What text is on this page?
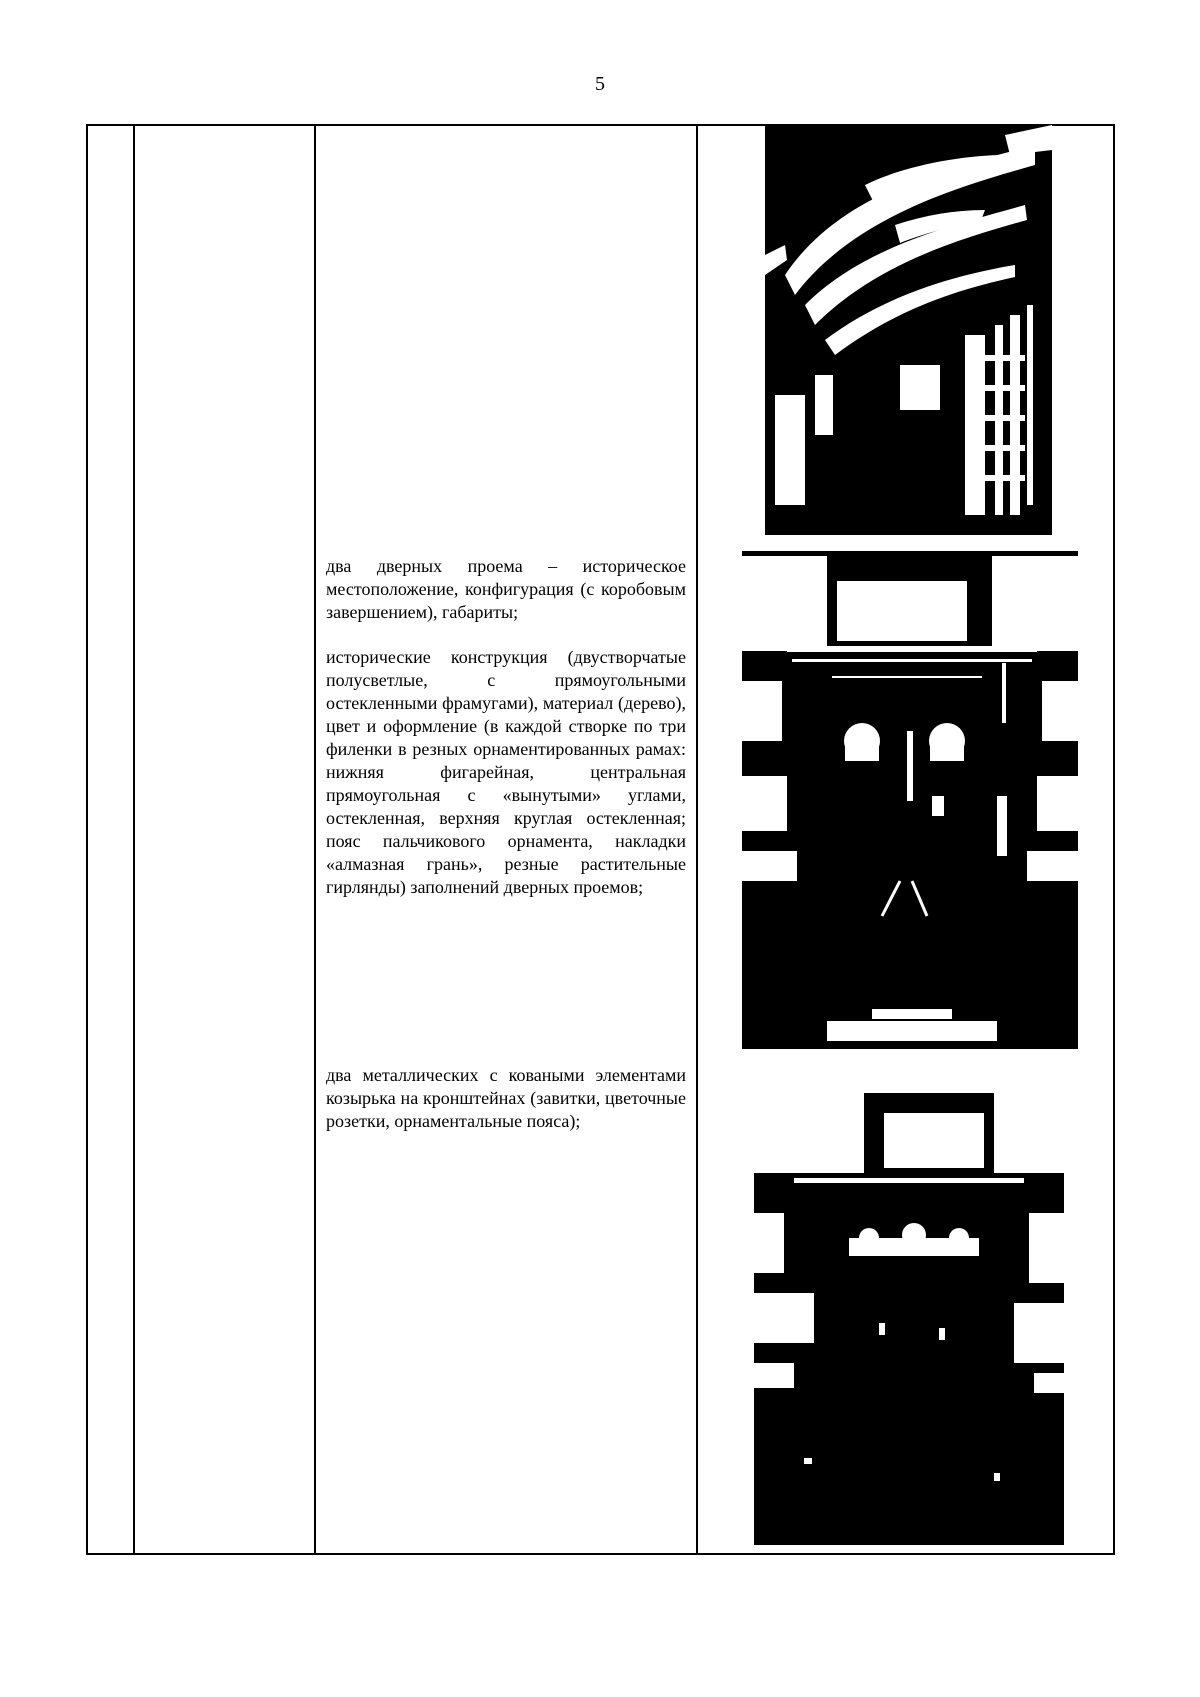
5

два дверных проема – историческое местоположение, конфигурация (с коробовым завершением), габариты;

исторические конструкция (двустворчатые полусветлые, с прямоугольными остекленными фрамугами), материал (дерево), цвет и оформление (в каждой створке по три филенки в резных орнаментированных рамах: нижняя фигарейная, центральная прямоугольная с «вынутыми» углами, остекленная, верхняя круглая остекленная; пояс пальчикового орнамента, накладки «алмазная грань», резные растительные гирлянды) заполнений дверных проемов;

два металлических с коваными элементами козырька на кронштейнах (завитки, цветочные розетки, орнаментальные пояса);
